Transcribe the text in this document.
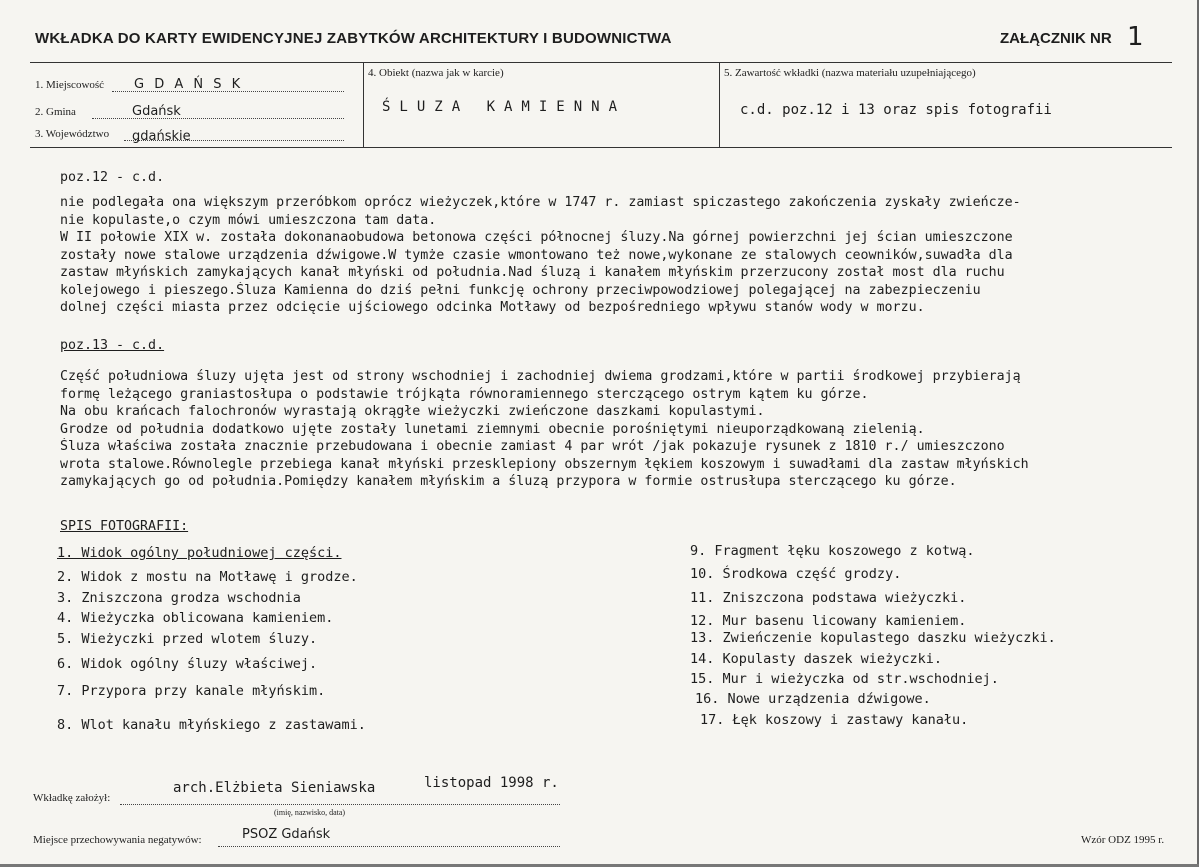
WKŁADKA DO KARTY EWIDENCYJNEJ ZABYTKÓW ARCHITEKTURY I BUDOWNICTWA	ZAŁĄCZNIK NR 1
1. Miejscowość G D A Ń S K
2. Gmina	Gdańsk
3. Województwo gdańskie
4. Obiekt (nazwa jak w karcie)
ŚLUZA KAMIENNA
5. Zawartość wkładki (nazwa materiału uzupełniającego)
c.d. poz.12 i 13 oraz spis fotografii
poz.12 - c.d.
nie podlegała ona większym przeróbkom oprócz wieżyczek,które w 1747 r. zamiast spiczastego zakończenia zyskały zwieńcze-
nie kopulaste,o czym mówi umieszczona tam data.
W II połowie XIX w. została dokonanaobudowa betonowa części północnej śluzy.Na górnej powierzchni jej ścian umieszczone
zostały nowe stalowe urządzenia dźwigowe.W tymże czasie wmontowano też nowe,wykonane ze stalowych ceowników,suwadła dla
zastaw młyńskich zamykających kanał młyński od południa.Nad śluzą i kanałem młyńskim przerzucony został most dla ruchu
kolejowego i pieszego.Śluza Kamienna do dziś pełni funkcję ochrony przeciwpowodziowej polegającej na zabezpieczeniu
dolnej części miasta przez odcięcie ujściowego odcinka Motławy od bezpośredniego wpływu stanów wody w morzu.
poz.13 - c.d.
Część południowa śluzy ujęta jest od strony wschodniej i zachodniej dwiema grodzami,które w partii środkowej przybierają
formę leżącego graniastosłupa o podstawie trójkąta równoramiennego sterczącego ostrym kątem ku górze.
Na obu krańcach falochronów wyrastają okrągłe wieżyczki zwieńczone daszkami kopulastymi.
Grodze od południa dodatkowo ujęte zostały lunetami ziemnymi obecnie porośniętymi nieuporządkowaną zielenią.
Śluza właściwa została znacznie przebudowana i obecnie zamiast 4 par wrót /jak pokazuje rysunek z 1810 r./ umieszczono
wrota stalowe.Równolegle przebiega kanał młyński przesklepiony obszernym łękiem koszowym i suwadłami dla zastaw młyńskich
zamykających go od południa.Pomiędzy kanałem młyńskim a śluzą przypora w formie ostrusłupa sterczącego ku górze.
SPIS FOTOGRAFII:
1. Widok ogólny południowej części.
2. Widok z mostu na Motławę i grodze.
3. Zniszczona grodza wschodnia
4. Wieżyczka oblicowana kamieniem.
5. Wieżyczki przed wlotem śluzy.
6. Widok ogólny śluzy właściwej.
7. Przypora przy kanale młyńskim.
8. Wlot kanału młyńskiego z zastawami.
9. Fragment łęku koszowego z kotwą.
10. Środkowa część grodzy.
11. Zniszczona podstawa wieżyczki.
12. Mur basenu licowany kamieniem.
13. Zwieńczenie kopulastego daszku wieżyczki.
14. Kopulasty daszek wieżyczki.
15. Mur i wieżyczka od str.wschodniej.
16. Nowe urządzenia dźwigowe.
17. Łęk koszowy i zastawy kanału.
Wkładkę założył:
arch.Elżbieta Sieniawska	listopad 1998 r.
(imię, nazwisko, data)
Miejsce przechowywania negatywów:	PSOZ Gdańsk	Wzór ODZ 1995 r.
